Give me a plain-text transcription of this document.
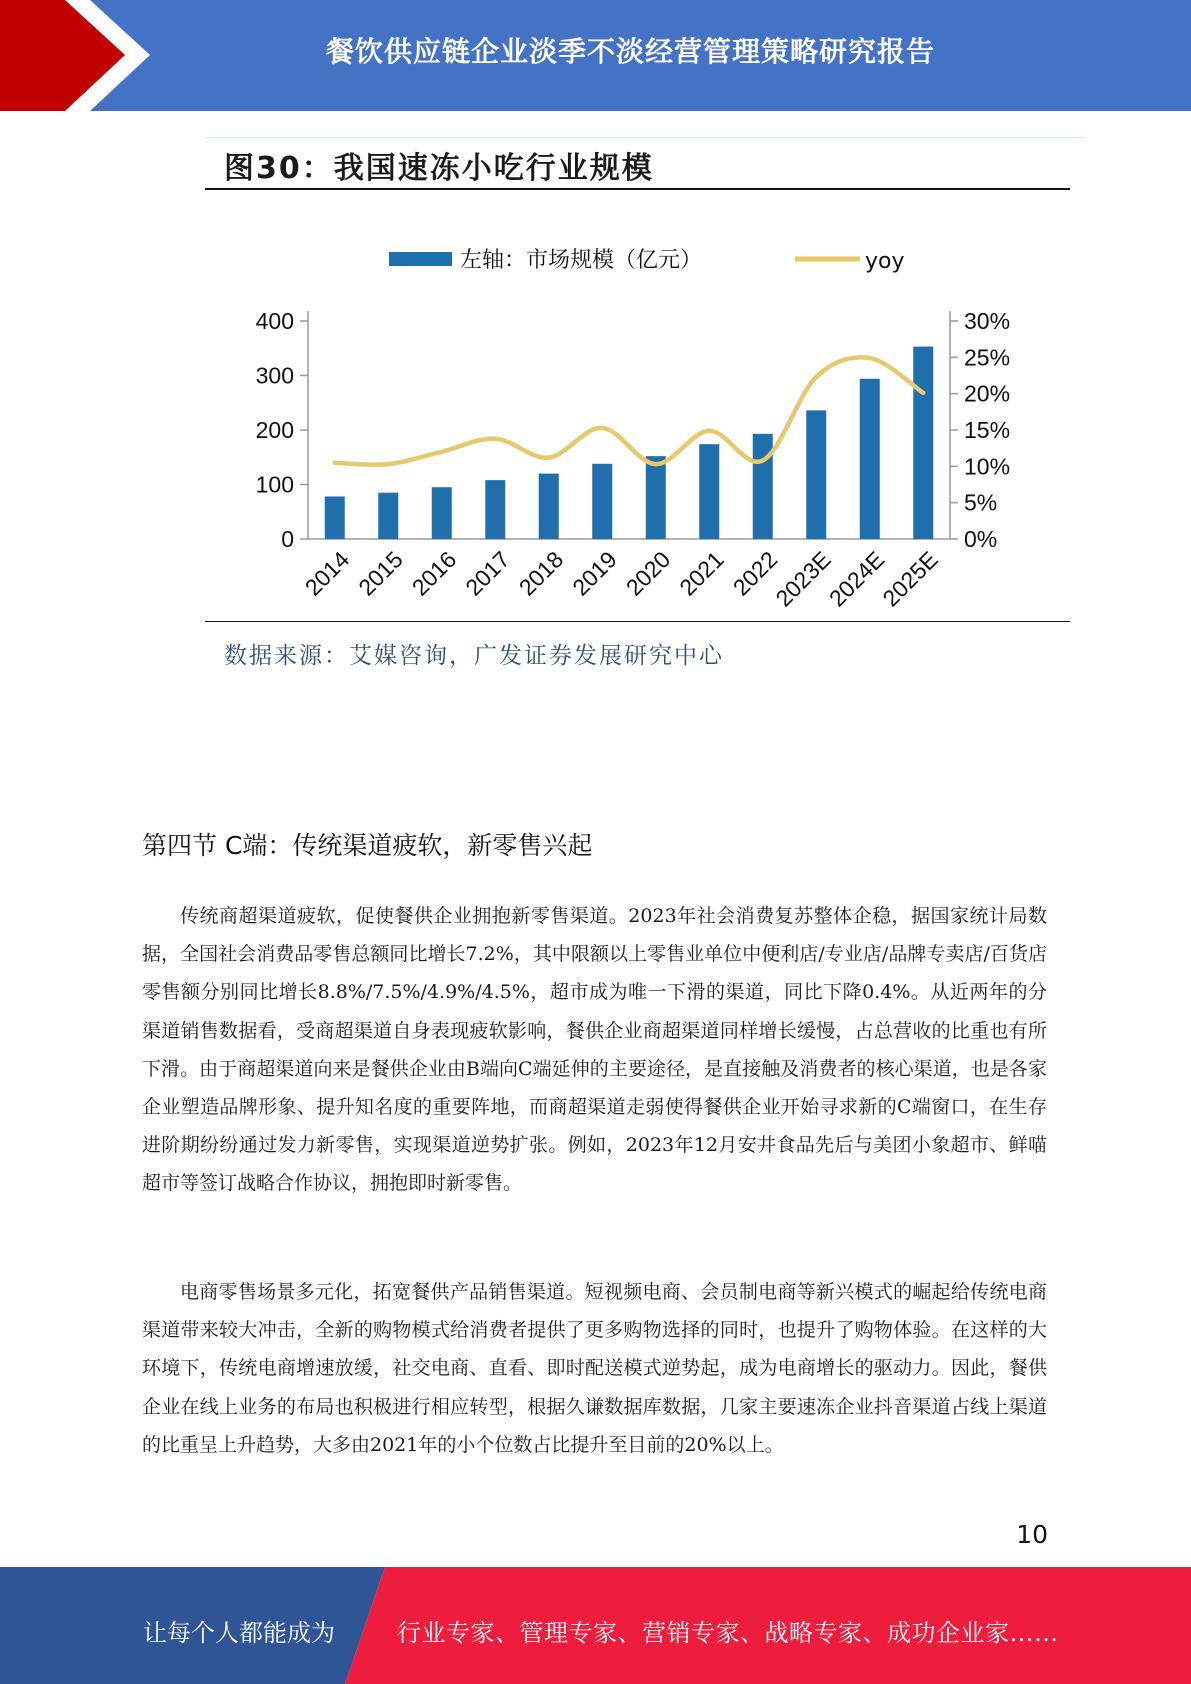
餐饮供应链企业淡季不淡经营管理策略研究报告
图30：我国速冻小吃行业规模
左轴：市场规模（亿元）	yoy
0
100
200
300
400
0%
5%
10%
15%
20%
25%
30%
2014
2015
2016
2017
2018
2019
2020
2021
2022
2023E
2024E
2025E
数据来源：艾媒咨询，广发证券发展研究中心
第四节 C端：传统渠道疲软，新零售兴起
传统商超渠道疲软，促使餐供企业拥抱新零售渠道。2023年社会消费复苏整体企稳，据国家统计局数据，全国社会消费品零售总额同比增长7.2%，其中限额以上零售业单位中便利店/专业店/品牌专卖店/百货店零售额分别同比增长8.8%/7.5%/4.9%/4.5%，超市成为唯一下滑的渠道，同比下降0.4%。从近两年的分渠道销售数据看，受商超渠道自身表现疲软影响，餐供企业商超渠道同样增长缓慢，占总营收的比重也有所下滑。由于商超渠道向来是餐供企业由B端向C端延伸的主要途径，是直接触及消费者的核心渠道，也是各家企业塑造品牌形象、提升知名度的重要阵地，而商超渠道走弱使得餐供企业开始寻求新的C端窗口，在生存进阶期纷纷通过发力新零售，实现渠道逆势扩张。例如，2023年12月安井食品先后与美团小象超市、鲜喵超市等签订战略合作协议，拥抱即时新零售。
电商零售场景多元化，拓宽餐供产品销售渠道。短视频电商、会员制电商等新兴模式的崛起给传统电商渠道带来较大冲击，全新的购物模式给消费者提供了更多购物选择的同时，也提升了购物体验。在这样的大环境下，传统电商增速放缓，社交电商、直看、即时配送模式逆势起，成为电商增长的驱动力。因此，餐供企业在线上业务的布局也积极进行相应转型，根据久谦数据库数据，几家主要速冻企业抖音渠道占线上渠道的比重呈上升趋势，大多由2021年的小个位数占比提升至目前的20%以上。
10
让每个人都能成为	行业专家、管理专家、营销专家、战略专家、成功企业家……
